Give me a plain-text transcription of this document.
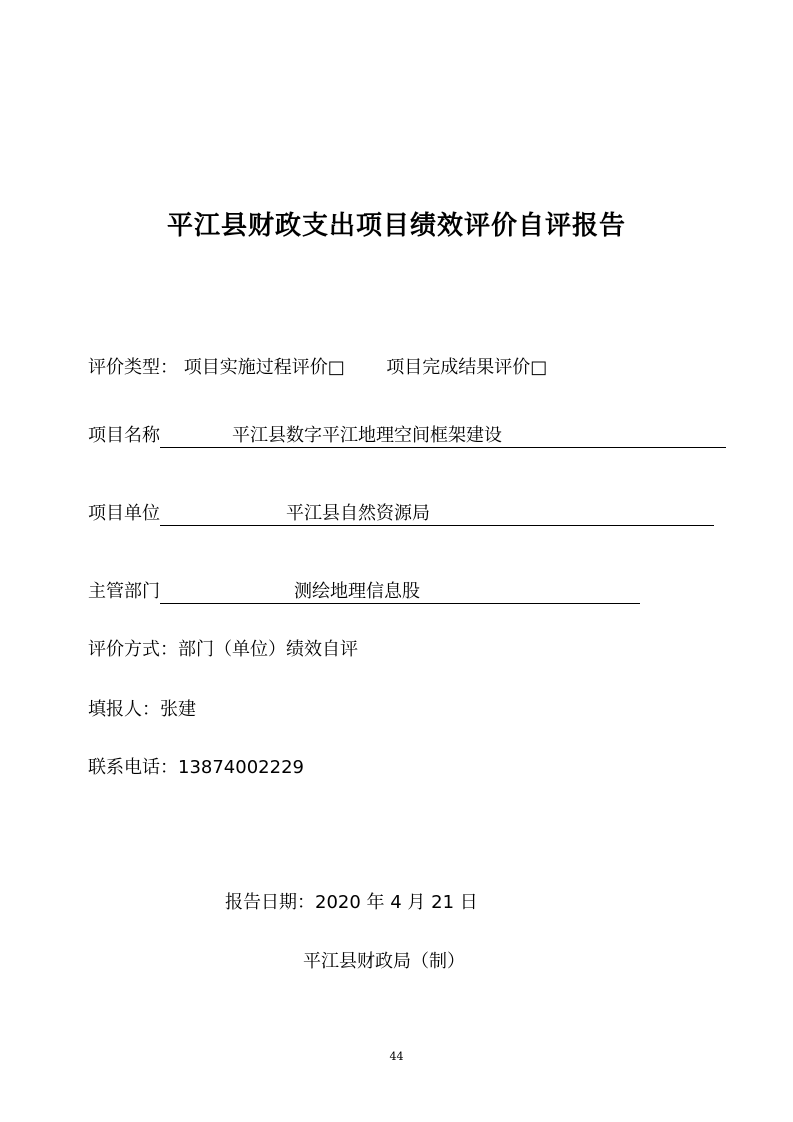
平江县财政支出项目绩效评价自评报告
评价类型： 项目实施过程评价□ 项目完成结果评价□
项目名称	平江县数字平江地理空间框架建设
项目单位	平江县自然资源局
主管部门	测绘地理信息股
评价方式：部门（单位）绩效自评
填报人：张建
联系电话：13874002229
报告日期：2020 年 4 月 21 日
平江县财政局（制）
44
